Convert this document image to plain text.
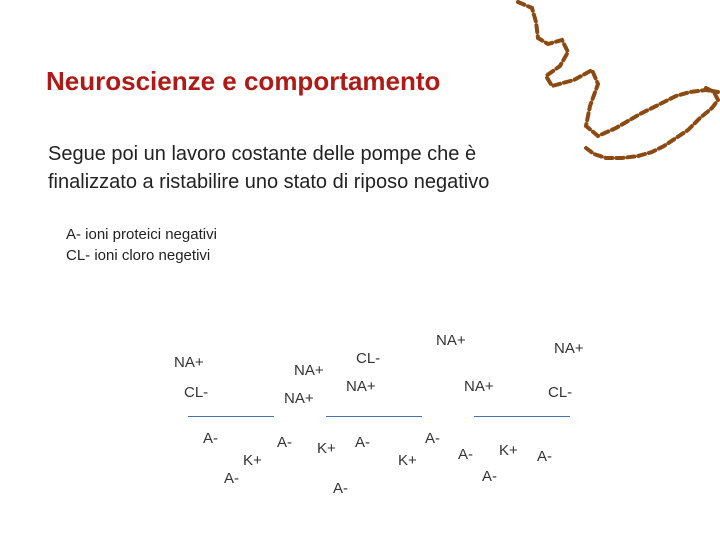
Neuroscienze e comportamento
Segue poi un lavoro costante delle pompe che è
finalizzato a ristabilire uno stato di riposo negativo
A- ioni proteici negativi
CL- ioni cloro negetivi
NA+
CL-
A-
K+
A-
NA+
NA+
A- K+
CL-
NA+
A-
A-
NA+
NA+
A-
K+	A- K+
A-
NA+
CL-
A-
